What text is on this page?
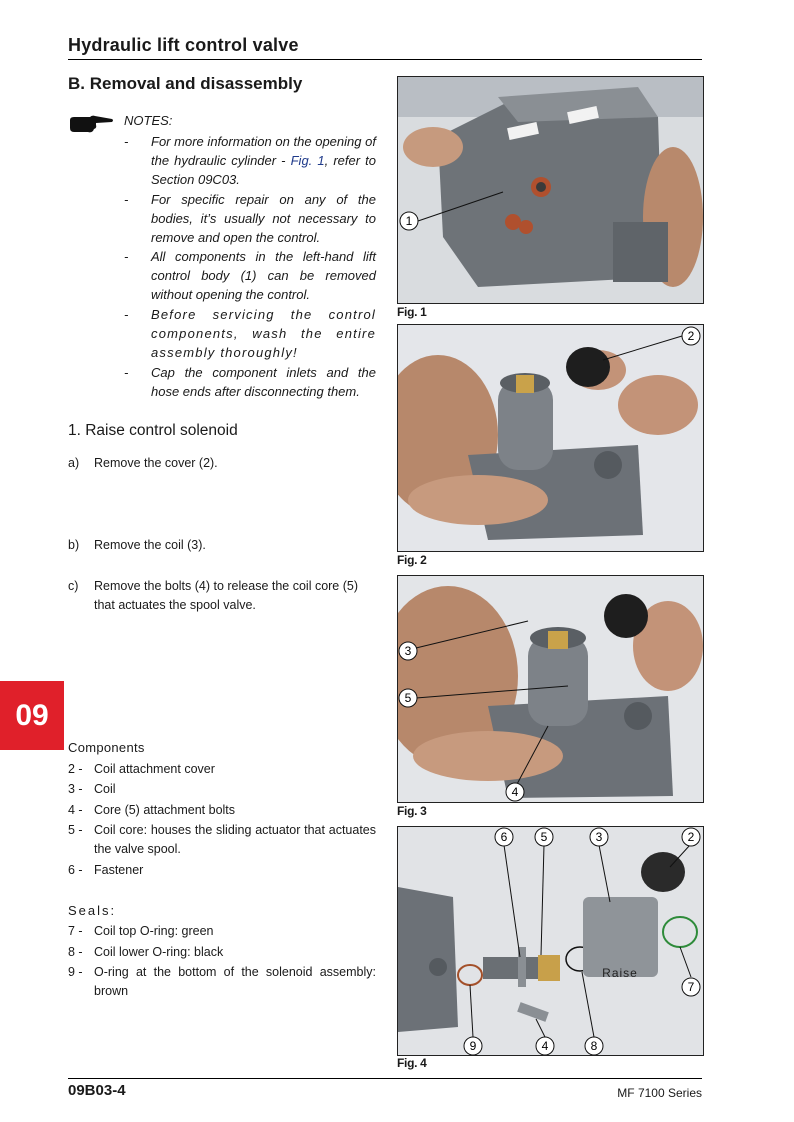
Hydraulic lift control valve
B. Removal and disassembly
NOTES:
- For more information on the opening of the hydraulic cylinder - Fig. 1, refer to Section 09C03.
- For specific repair on any of the bodies, it’s usually not necessary to remove and open the control.
- All components in the left-hand lift control body (1) can be removed without opening the control.
- Before servicing the control components, wash the entire assembly thoroughly!
- Cap the component inlets and the hose ends after disconnecting them.
1. Raise control solenoid
a) Remove the cover (2).
b) Remove the coil (3).
c) Remove the bolts (4) to release the coil core (5) that actuates the spool valve.
09
Components
2 - Coil attachment cover
3 - Coil
4 - Core (5) attachment bolts
5 - Coil core: houses the sliding actuator that actuates the valve spool.
6 - Fastener
Seals:
7 - Coil top O-ring: green
8 - Coil lower O-ring: black
9 - O-ring at the bottom of the solenoid assembly: brown
1
Fig. 1
2
Fig. 2
3
5
4
Fig. 3
Raise
6	5	3	2
7
9	4	8
Fig. 4
09B03-4	MF 7100 Series
